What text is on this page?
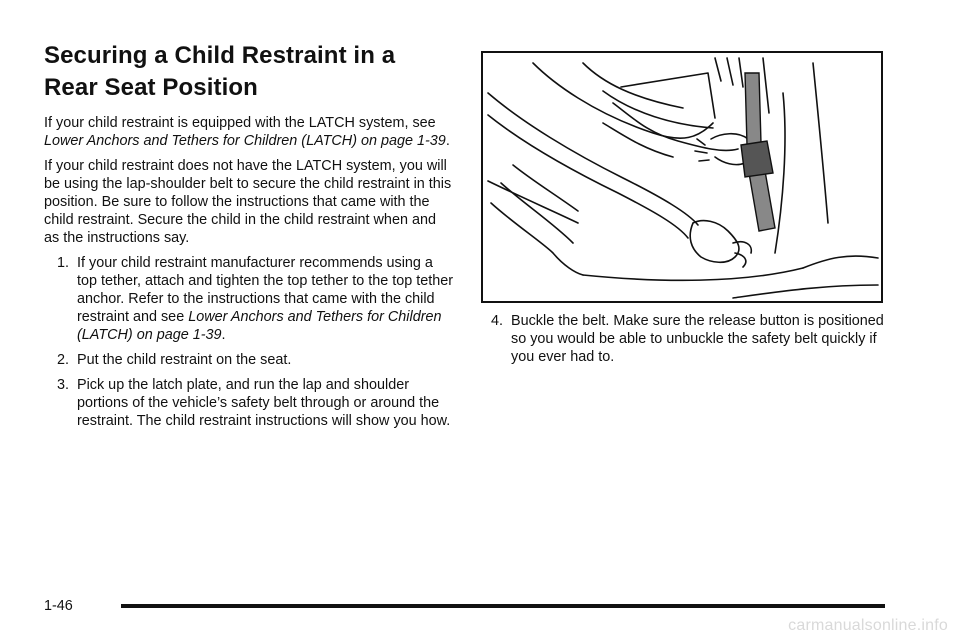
Securing a Child Restraint in a
Rear Seat Position

If your child restraint is equipped with the LATCH system, see Lower Anchors and Tethers for Children (LATCH) on page 1-39.

If your child restraint does not have the LATCH system, you will be using the lap-shoulder belt to secure the child restraint in this position. Be sure to follow the instructions that came with the child restraint. Secure the child in the child restraint when and as the instructions say.

1. If your child restraint manufacturer recommends using a top tether, attach and tighten the top tether to the top tether anchor. Refer to the instructions that came with the child restraint and see Lower Anchors and Tethers for Children (LATCH) on page 1-39.
2. Put the child restraint on the seat.
3. Pick up the latch plate, and run the lap and shoulder portions of the vehicle’s safety belt through or around the restraint. The child restraint instructions will show you how.
4. Buckle the belt. Make sure the release button is positioned so you would be able to unbuckle the safety belt quickly if you ever had to.
1-46
carmanualsonline.info
